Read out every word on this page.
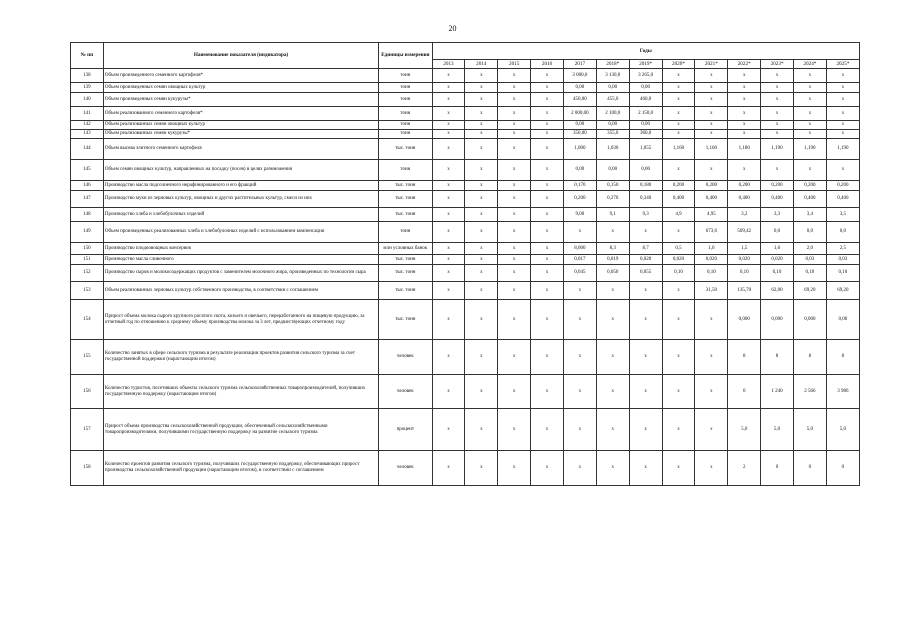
20
№ пп	Наименование показателя (индикатора)	Единицы измерения	Годы												
			2013	2014	2015	2016	2017	2018*	2019*	2020*	2021*	2022*	2023*	2024*	2025*
138	Объем произведенного семенного картофеля*	тонн	x	x	x	x	3 000,0	3 130,0	3 265,0	x	x	x	x	x	x
139	Объем произведенных семян овощных культур	тонн	x	x	x	x	0,00	0,00	0,00	x	x	x	x	x	x
140	Объем произведенных семян кукурузы*	тонн	x	x	x	x	450,00	455,0	460,0	x	x	x	x	x	x
141	Объем реализованного семенного картофеля*	тонн	x	x	x	x	2 000,00	2 100,0	2 150,0	x	x	x	x	x	x
142	Объем реализованных семян овощных культур	тонн	x	x	x	x	0,00	0,00	0,00	x	x	x	x	x	x
143	Объем реализованных семян кукурузы*	тонн	x	x	x	x	350,00	355,0	360,0	x	x	x	x	x	x
144	Объем высева элитного семенного картофеля	тыс. тонн	x	x	x	x	1,000	1,030	1,055	1,160	1,160	1,180	1,190	1,190	1,190
145	Объем семян овощных культур, направленных на посадку (посев) в целях размножения	тонн	x	x	x	x	0,00	0,00	0,00	x	x	x	x	x	x
146	Производство масла подсолнечного нерафинированного и его фракций	тыс. тонн	x	x	x	x	0,170	0,150	0,180	0,200	0,200	0,200	0,200	0,200	0,200
147	Производство муки из зерновых культур, овощных и других растительных культур, смеси из них	тыс. тонн	x	x	x	x	0,200	0,270	0,340	0,400	0,400	0,400	0,400	0,400	0,400
148	Производство хлеба и хлебобулочных изделий	тыс. тонн	x	x	x	x	9,00	9,1	9,3	4,9	4,95	3,2	3,3	3,4	3,5
149	Объем произведенных реализованных хлеба и хлебобулочных изделий с использованием компенсации	тонн	x	x	x	x	x	x	x	x	673,6	509,42	0,0	0,0	0,0
150	Производство плодоовощных консервов	млн условных банок	x	x	x	x	8,000	8,3	8,7	0,5	1,0	1,5	1,6	2,0	2,5
151	Производство масла сливочного	тыс. тонн	x	x	x	x	0,017	0,019	0,020	0,020	0,020	0,020	0,020	0,03	0,03
152	Производство сыров и молокосодержащих продуктов с заменителем молочного жира, произведенных по технологии сыра	тыс. тонн	x	x	x	x	0,045	0,050	0,055	0,10	0,10	0,10	0,10	0,10	0,10
153	Объем реализованных зерновых культур собственного производства, в соответствии с соглашением	тыс. тонн	x	x	x	x	x	x	x	x	31,50	135,70	62,00	69,20	69,20
154	Прирост объема молока сырого крупного рогатого скота, козьего и овечьего, переработанного на пищевую продукцию, за отчетный год по отношению к среднему объему производства молока за 3 лет, предшествующих отчетному году	тыс. тонн	x	x	x	x	x	x	x	x	x	0,000	0,000	0,000	0,00
155	Количество занятых в сфере сельского туризма в результате реализации проектов развития сельского туризма за счет государственной поддержки (нарастающим итогом)	человек	x	x	x	x	x	x	x	x	x	8	8	8	8
156	Количество туристов, посетивших объекты сельского туризма сельскохозяйственных товаропроизводителей, получивших государственную поддержку (нарастающим итогом)	человек	x	x	x	x	x	x	x	x	x	0	1 240	2 566	3 986
157	Прирост объема производства сельскохозяйственной продукции, обеспеченный сельскохозяйственными товаропроизводителями, получившими государственную поддержку на развитие сельского туризма	процент	x	x	x	x	x	x	x	x	x	5,0	5,0	5,0	5,0
158	Количество проектов развития сельского туризма, получивших государственную поддержку, обеспечивающих прирост производства сельскохозяйственной продукции (нарастающим итогом), в соответствии с соглашением	человек	x	x	x	x	x	x	x	x	x	2	0	0	0
